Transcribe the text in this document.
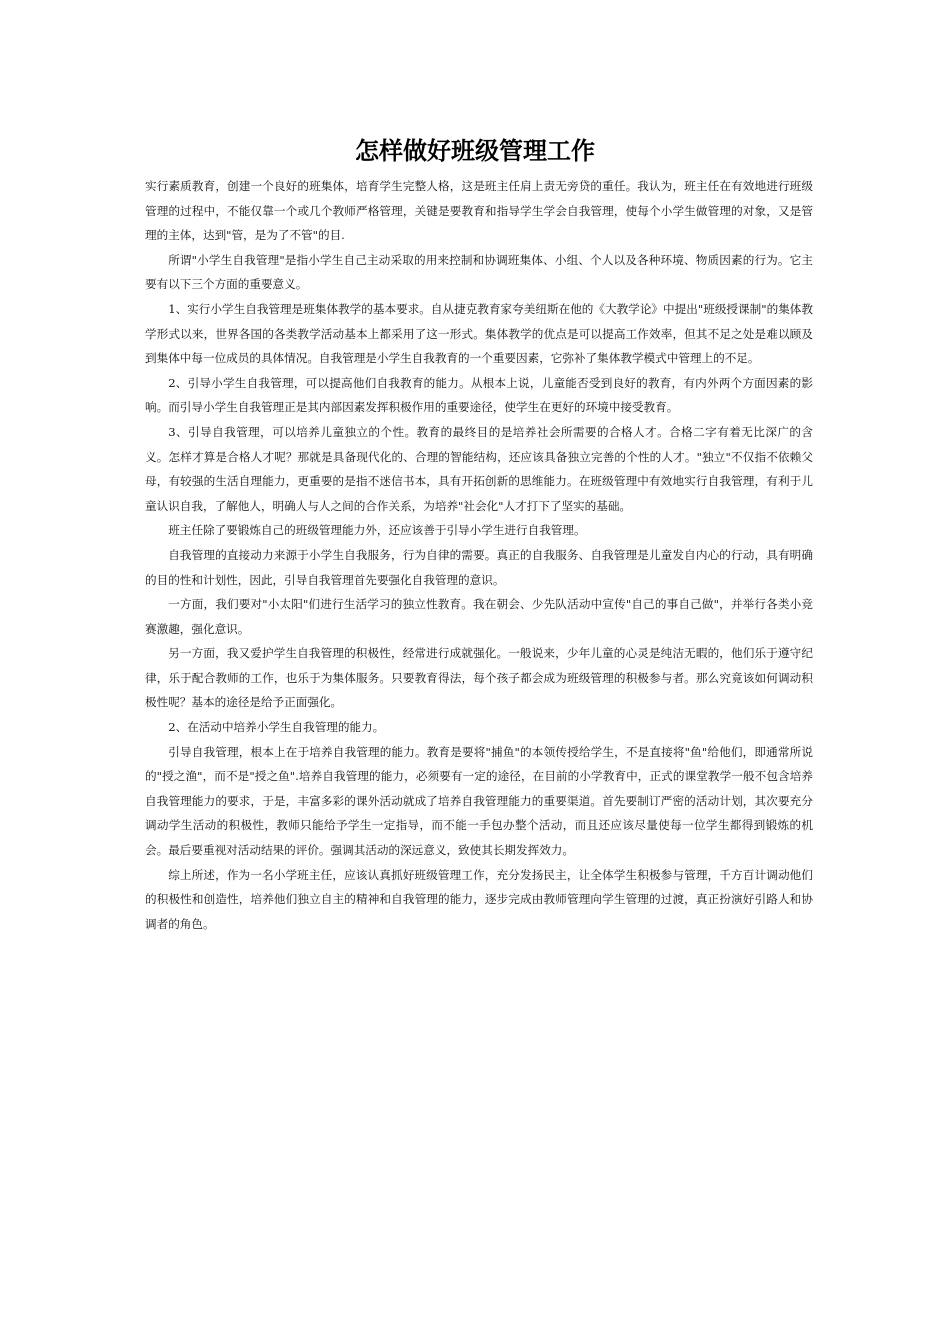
怎样做好班级管理工作

实行素质教育，创建一个良好的班集体，培育学生完整人格，这是班主任肩上责无旁贷的重任。我认为，班主任在有效地进行班级管理的过程中，不能仅靠一个或几个教师严格管理，关键是要教育和指导学生学会自我管理，使每个小学生做管理的对象，又是管理的主体，达到"管，是为了不管"的目.

所谓"小学生自我管理"是指小学生自己主动采取的用来控制和协调班集体、小组、个人以及各种环境、物质因素的行为。它主要有以下三个方面的重要意义。

1、实行小学生自我管理是班集体教学的基本要求。自从捷克教育家夸美纽斯在他的《大教学论》中提出"班级授课制"的集体教学形式以来，世界各国的各类教学活动基本上都采用了这一形式。集体教学的优点是可以提高工作效率，但其不足之处是难以顾及到集体中每一位成员的具体情况。自我管理是小学生自我教育的一个重要因素，它弥补了集体教学模式中管理上的不足。

2、引导小学生自我管理，可以提高他们自我教育的能力。从根本上说，儿童能否受到良好的教育，有内外两个方面因素的影响。而引导小学生自我管理正是其内部因素发挥积极作用的重要途径，使学生在更好的环境中接受教育。

3、引导自我管理，可以培养儿童独立的个性。教育的最终目的是培养社会所需要的合格人才。合格二字有着无比深广的含义。怎样才算是合格人才呢？那就是具备现代化的、合理的智能结构，还应该具备独立完善的个性的人才。"独立"不仅指不依赖父母，有较强的生活自理能力，更重要的是指不迷信书本，具有开拓创新的思维能力。在班级管理中有效地实行自我管理，有利于儿童认识自我，了解他人，明确人与人之间的合作关系，为培养"社会化"人才打下了坚实的基础。

班主任除了要锻炼自己的班级管理能力外，还应该善于引导小学生进行自我管理。

自我管理的直接动力来源于小学生自我服务，行为自律的需要。真正的自我服务、自我管理是儿童发自内心的行动，具有明确的目的性和计划性，因此，引导自我管理首先要强化自我管理的意识。

一方面，我们要对"小太阳"们进行生活学习的独立性教育。我在朝会、少先队活动中宣传"自己的事自己做"，并举行各类小竞赛激趣，强化意识。

另一方面，我又爱护学生自我管理的积极性，经常进行成就强化。一般说来，少年儿童的心灵是纯洁无暇的，他们乐于遵守纪律，乐于配合教师的工作，也乐于为集体服务。只要教育得法，每个孩子都会成为班级管理的积极参与者。那么究竟该如何调动积极性呢？基本的途径是给予正面强化。

2、在活动中培养小学生自我管理的能力。

引导自我管理，根本上在于培养自我管理的能力。教育是要将"捕鱼"的本领传授给学生，不是直接将"鱼"给他们，即通常所说的"授之渔"，而不是"授之鱼".培养自我管理的能力，必须要有一定的途径，在目前的小学教育中，正式的课堂教学一般不包含培养自我管理能力的要求，于是，丰富多彩的课外活动就成了培养自我管理能力的重要渠道。首先要制订严密的活动计划，其次要充分调动学生活动的积极性，教师只能给予学生一定指导，而不能一手包办整个活动，而且还应该尽量使每一位学生都得到锻炼的机会。最后要重视对活动结果的评价。强调其活动的深远意义，致使其长期发挥效力。

综上所述，作为一名小学班主任，应该认真抓好班级管理工作，充分发扬民主，让全体学生积极参与管理，千方百计调动他们的积极性和创造性，培养他们独立自主的精神和自我管理的能力，逐步完成由教师管理向学生管理的过渡，真正扮演好引路人和协调者的角色。
